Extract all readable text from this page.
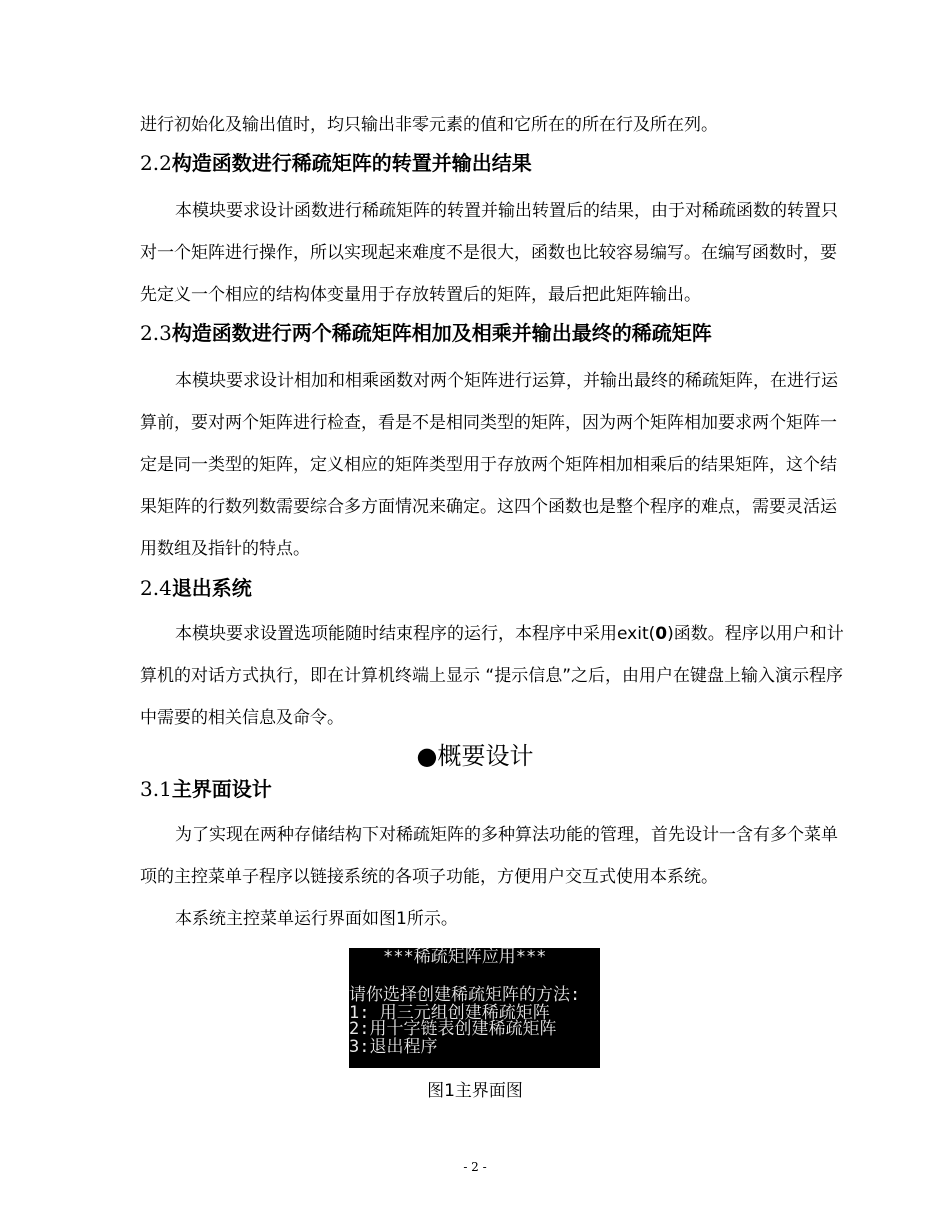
进行初始化及输出值时，均只输出非零元素的值和它所在的所在行及所在列。
2.2构造函数进行稀疏矩阵的转置并输出结果
本模块要求设计函数进行稀疏矩阵的转置并输出转置后的结果，由于对稀疏函数的转置只
对一个矩阵进行操作，所以实现起来难度不是很大，函数也比较容易编写。在编写函数时，要
先定义一个相应的结构体变量用于存放转置后的矩阵，最后把此矩阵输出。
2.3构造函数进行两个稀疏矩阵相加及相乘并输出最终的稀疏矩阵
本模块要求设计相加和相乘函数对两个矩阵进行运算，并输出最终的稀疏矩阵，在进行运
算前，要对两个矩阵进行检查，看是不是相同类型的矩阵，因为两个矩阵相加要求两个矩阵一
定是同一类型的矩阵，定义相应的矩阵类型用于存放两个矩阵相加相乘后的结果矩阵，这个结
果矩阵的行数列数需要综合多方面情况来确定。这四个函数也是整个程序的难点，需要灵活运
用数组及指针的特点。
2.4退出系统
本模块要求设置选项能随时结束程序的运行，本程序中采用exit(0)函数。程序以用户和计
算机的对话方式执行，即在计算机终端上显示 “提示信息”之后，由用户在键盘上输入演示程序
中需要的相关信息及命令。
●概要设计
3.1主界面设计
为了实现在两种存储结构下对稀疏矩阵的多种算法功能的管理，首先设计一含有多个菜单
项的主控菜单子程序以链接系统的各项子功能，方便用户交互式使用本系统。
本系统主控菜单运行界面如图1所示。
***稀疏矩阵应用***
请你选择创建稀疏矩阵的方法:
1: 用三元组创建稀疏矩阵
2:用十字链表创建稀疏矩阵
3:退出程序
图1主界面图
- 2 -
